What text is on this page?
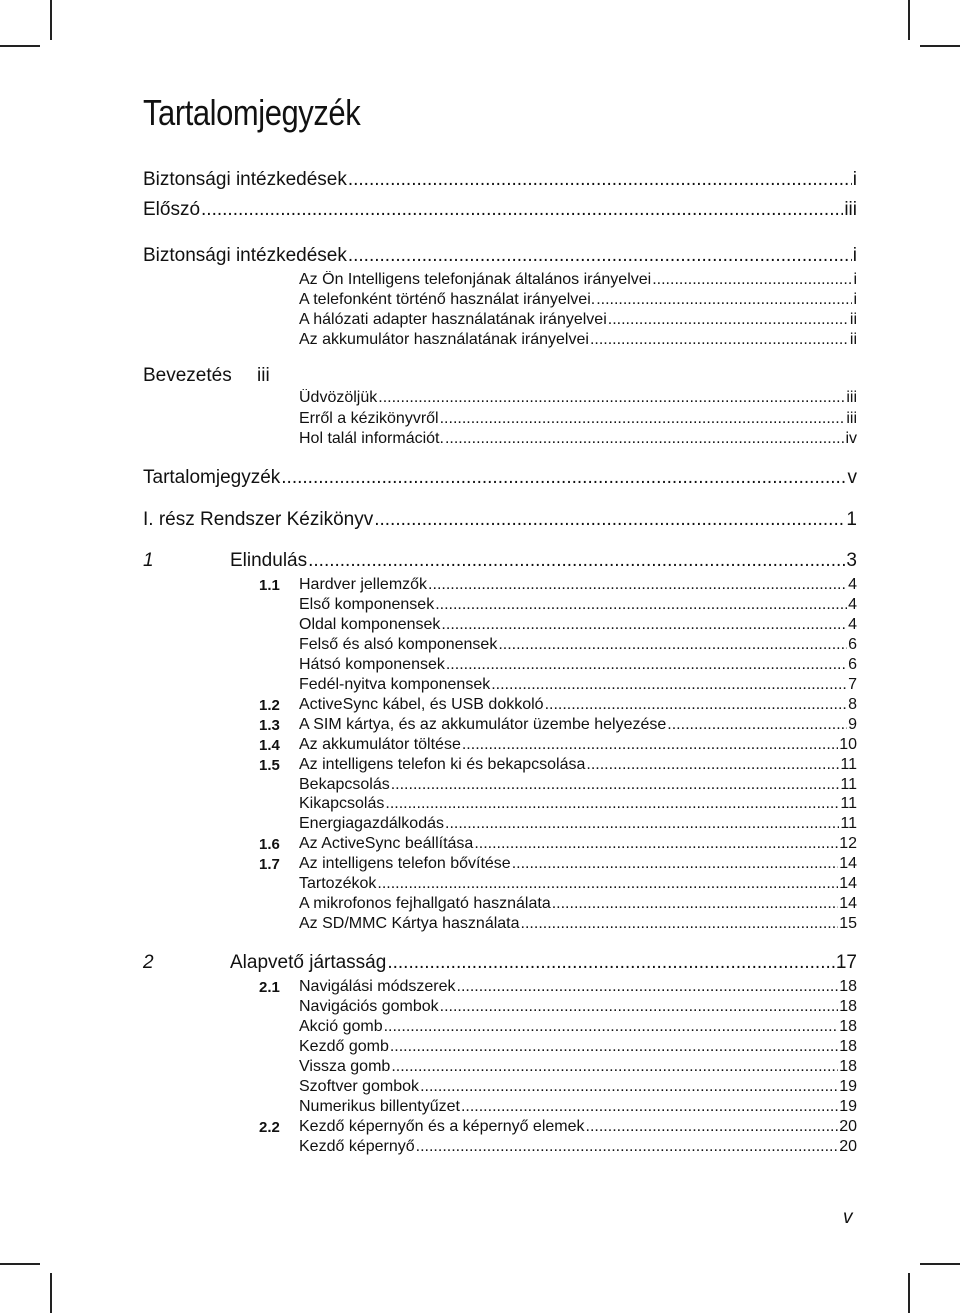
Tartalomjegyzék
Biztonsági intézkedések .....	i
Előszó .....	iii
Biztonsági intézkedések .....	i
Az Ön Intelligens telefonjának általános irányelvei .....	i
A telefonként történő használat irányelvei. .....	i
A hálózati adapter használatának irányelvei .....	ii
Az akkumulátor használatának irányelvei .....	ii
Bevezetés iii
Üdvözöljük .....	iii
Erről a kézikönyvről .....	iii
Hol talál információt. .....	iv
Tartalomjegyzék .....	v
I. rész Rendszer Kézikönyv .....	1
1	Elindulás .....	3
1.1 Hardver jellemzők .....	4
Első komponensek .....	4
Oldal komponensek .....	4
Felső és alsó komponensek .....	6
Hátsó komponensek .....	6
Fedél-nyitva komponensek .....	7
1.2 ActiveSync kábel, és USB dokkoló .....	8
1.3 A SIM kártya, és az akkumulátor üzembe helyezése .....	9
1.4 Az akkumulátor töltése .....	10
1.5 Az intelligens telefon ki és bekapcsolása .....	11
Bekapcsolás .....	11
Kikapcsolás .....	11
Energiagazdálkodás .....	11
1.6 Az ActiveSync beállítása .....	12
1.7 Az intelligens telefon bővítése .....	14
Tartozékok .....	14
A mikrofonos fejhallgató használata .....	14
Az SD/MMC Kártya használata .....	15
2	Alapvető jártasság .....	17
2.1 Navigálási módszerek .....	18
Navigációs gombok .....	18
Akció gomb .....	18
Kezdő gomb .....	18
Vissza gomb .....	18
Szoftver gombok .....	19
Numerikus billentyűzet .....	19
2.2 Kezdő képernyőn és a képernyő elemek .....	20
Kezdő képernyő .....	20
v
